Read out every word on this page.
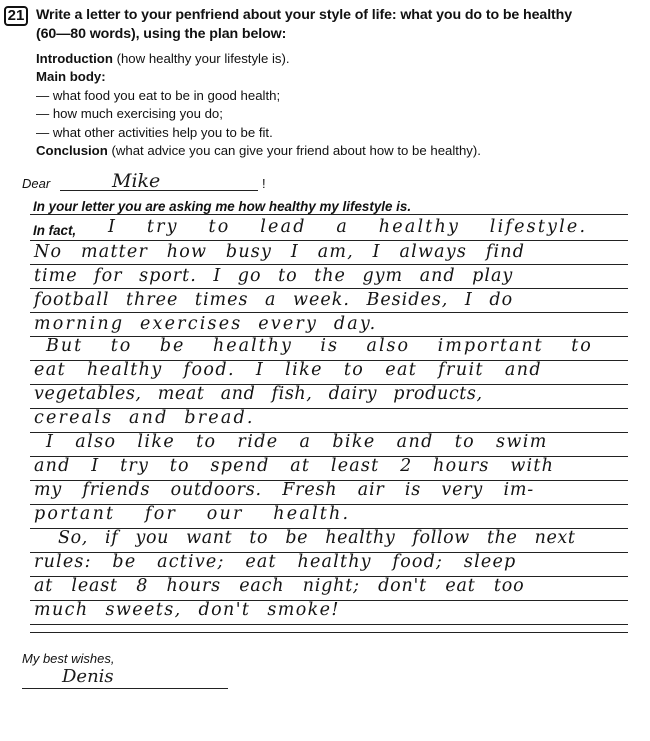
21 Write a letter to your penfriend about your style of life: what you do to be healthy
(60—80 words), using the plan below:
Introduction (how healthy your lifestyle is).
Main body:
— what food you eat to be in good health;
— how much exercising you do;
— what other activities help you to be fit.
Conclusion (what advice you can give your friend about how to be healthy).
Dear	Mike	!
In your letter you are asking me how healthy my lifestyle is.
In fact, I try to lead a healthy lifestyle.
No matter how busy I am, I always find
time for sport. I go to the gym and play
football three times a week. Besides, I do
morning exercises every day.
But to be healthy is also important to
eat healthy food. I like to eat fruit and
vegetables, meat and fish, dairy products,
cereals and bread.
I also like to ride a bike and to swim
and I try to spend at least 2 hours with
my friends outdoors. Fresh air is very im-
portant for our health.
So, if you want to be healthy follow the next
rules: be active; eat healthy food; sleep
at least 8 hours each night; don't eat too
much sweets, don't smoke!
My best wishes,
Denis
